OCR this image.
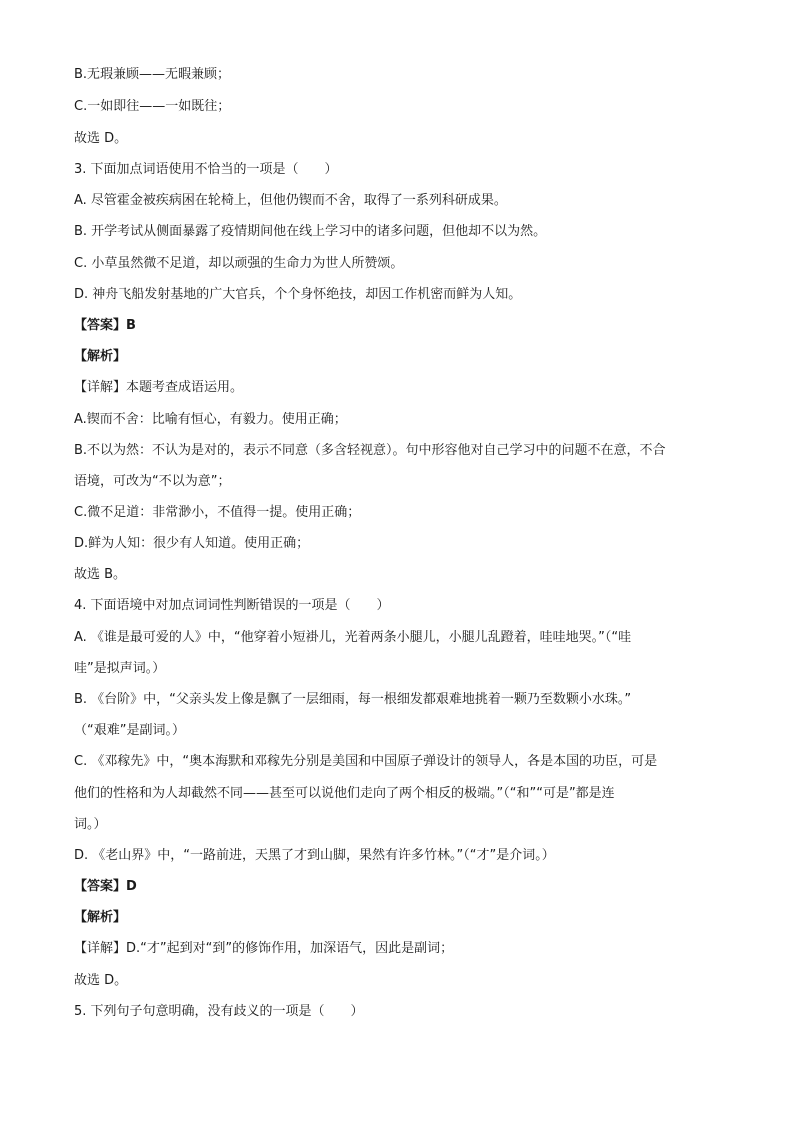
B.无瑕兼顾——无暇兼顾；
C.一如即往——一如既往；
故选 D。
3. 下面加点词语使用不恰当的一项是（　　）
A. 尽管霍金被疾病困在轮椅上，但他仍锲而不舍，取得了一系列科研成果。
B. 开学考试从侧面暴露了疫情期间他在线上学习中的诸多问题，但他却不以为然。
C. 小草虽然微不足道，却以顽强的生命力为世人所赞颂。
D. 神舟飞船发射基地的广大官兵，个个身怀绝技，却因工作机密而鲜为人知。
【答案】B
【解析】
【详解】本题考查成语运用。
A.锲而不舍：比喻有恒心，有毅力。使用正确；
B.不以为然：不认为是对的，表示不同意（多含轻视意）。句中形容他对自己学习中的问题不在意，不合
语境，可改为“不以为意”；
C.微不足道：非常渺小，不值得一提。使用正确；
D.鲜为人知：很少有人知道。使用正确；
故选 B。
4. 下面语境中对加点词词性判断错误的一项是（　　）
A. 《谁是最可爱的人》中，“他穿着小短褂儿，光着两条小腿儿，小腿儿乱蹬着，哇哇地哭。”（“哇
哇”是拟声词。）
B. 《台阶》中，“父亲头发上像是飘了一层细雨，每一根细发都艰难地挑着一颗乃至数颗小水珠。”
（“艰难”是副词。）
C. 《邓稼先》中，“奥本海默和邓稼先分别是美国和中国原子弹设计的领导人，各是本国的功臣，可是
他们的性格和为人却截然不同——甚至可以说他们走向了两个相反的极端。”（“和”“可是”都是连
词。）
D. 《老山界》中，“一路前进，天黑了才到山脚，果然有许多竹林。”（“才”是介词。）
【答案】D
【解析】
【详解】D.“才”起到对“到”的修饰作用，加深语气，因此是副词；
故选 D。
5. 下列句子句意明确，没有歧义的一项是（　　）
